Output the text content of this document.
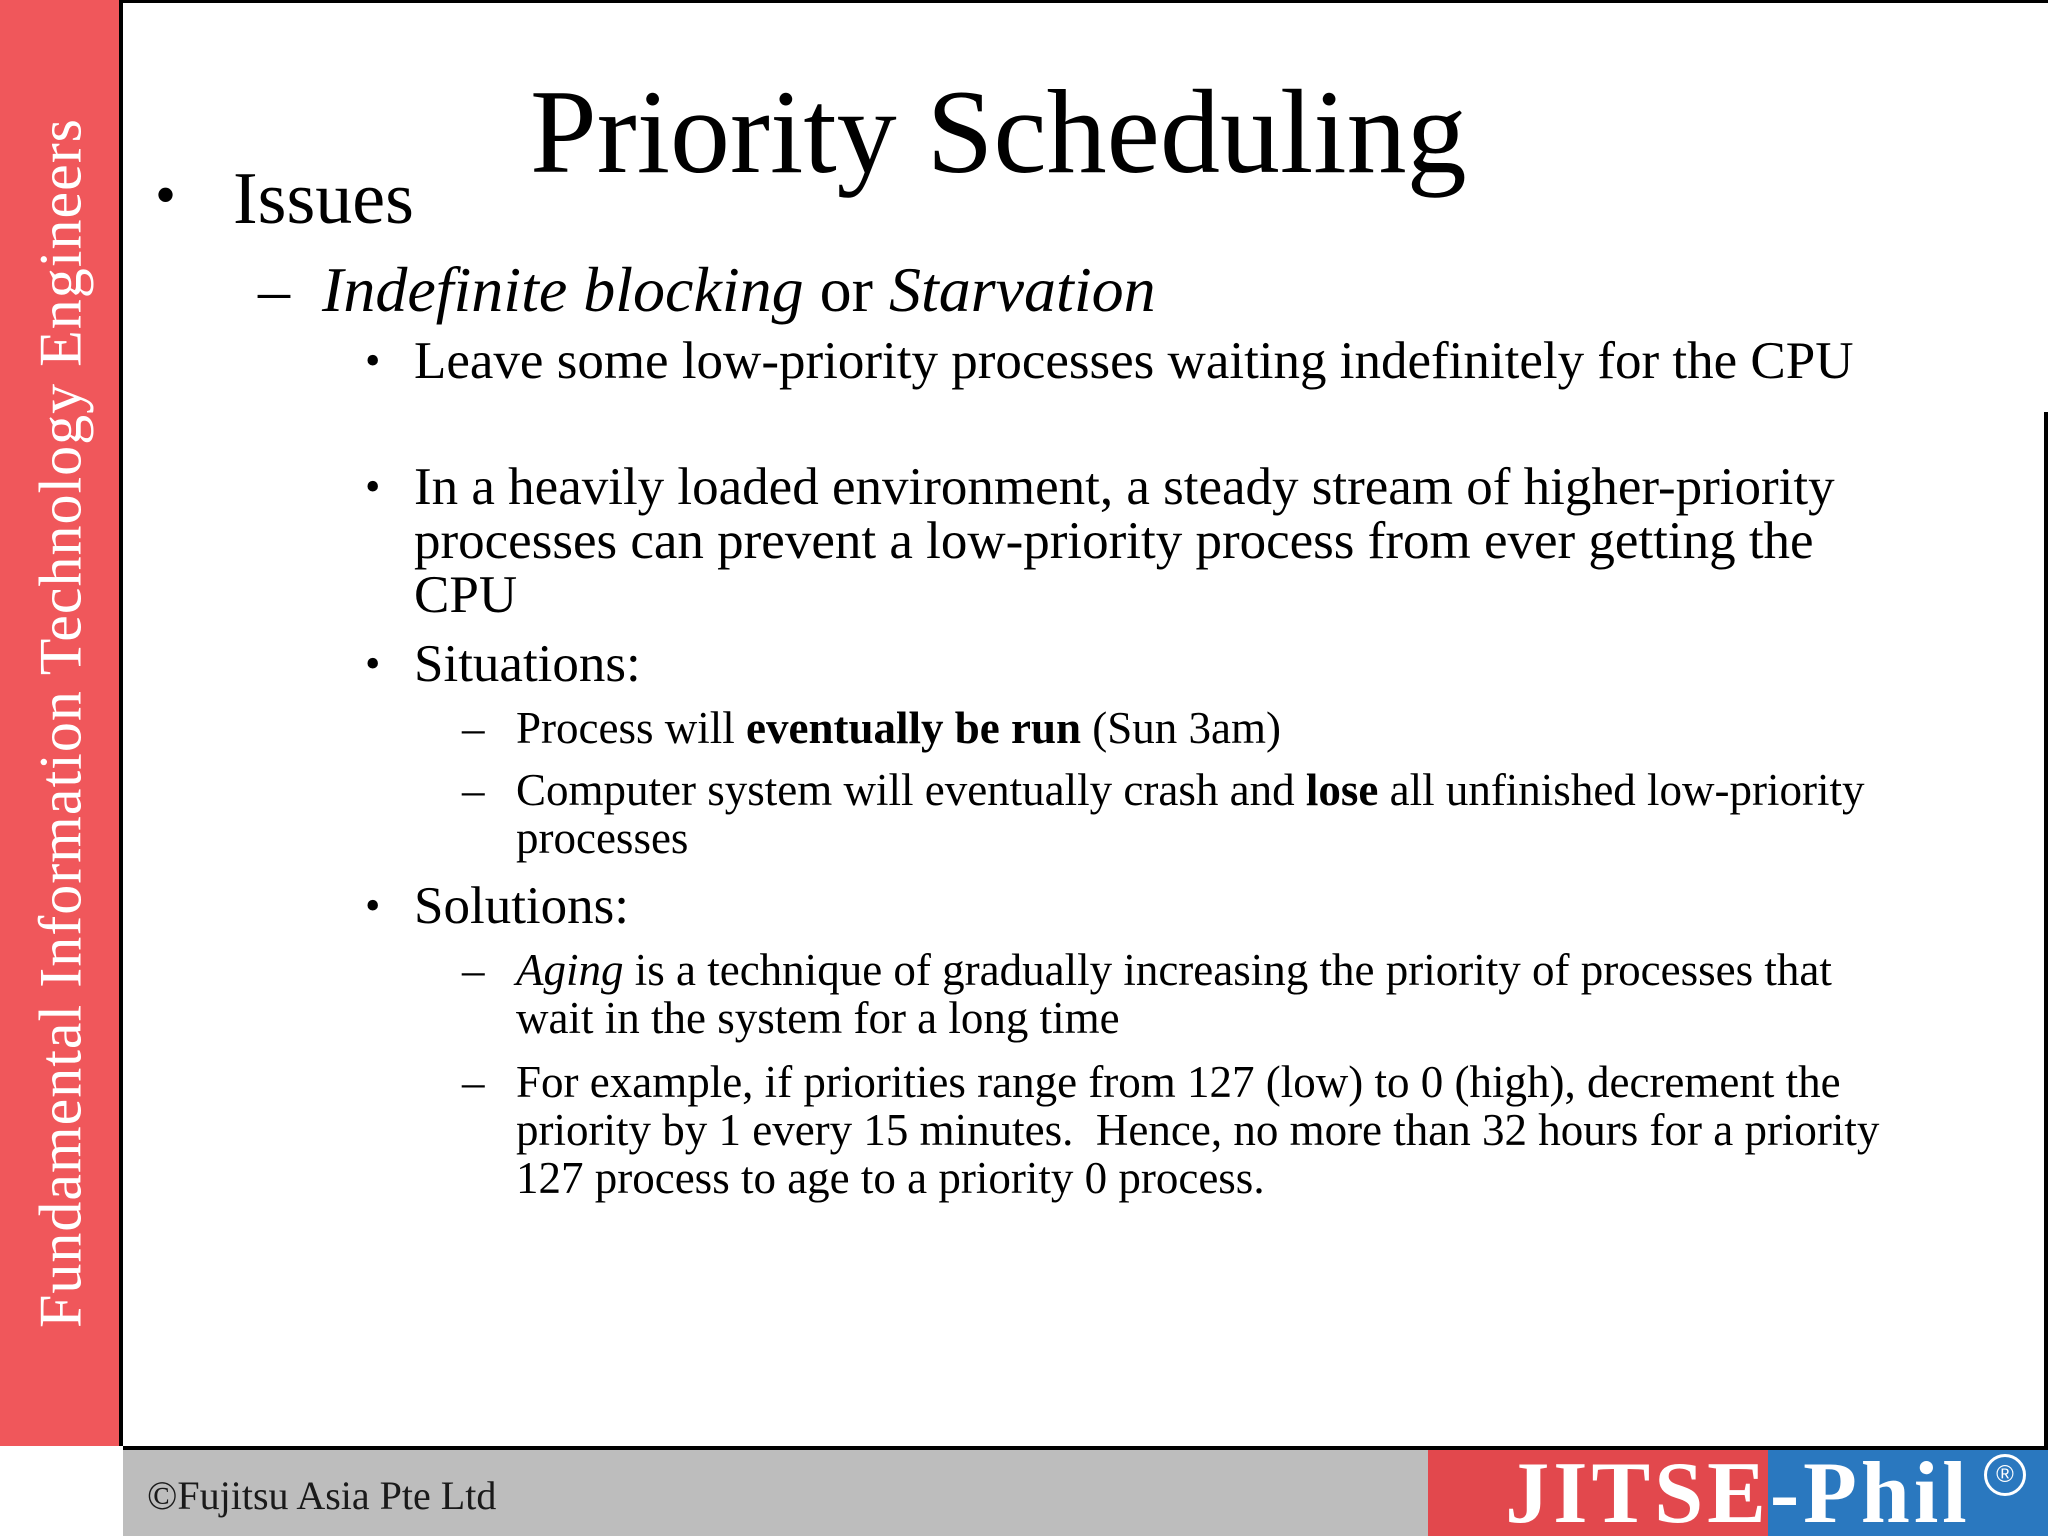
Fundamental Information Technology Engineers	Priority Scheduling
• Issues
– Indefinite blocking or Starvation
• Leave some low-priority processes waiting indefinitely for the CPU
• In a heavily loaded environment, a steady stream of higher-priority processes can prevent a low-priority process from ever getting the CPU
• Situations:
– Process will eventually be run (Sun 3am)
– Computer system will eventually crash and lose all unfinished low-priority processes
• Solutions:
– Aging is a technique of gradually increasing the priority of processes that wait in the system for a long time
– For example, if priorities range from 127 (low) to 0 (high), decrement the priority by 1 every 15 minutes.  Hence, no more than 32 hours for a priority 127 process to age to a priority 0 process.
©Fujitsu Asia Pte Ltd	JITSE-Phil	®
